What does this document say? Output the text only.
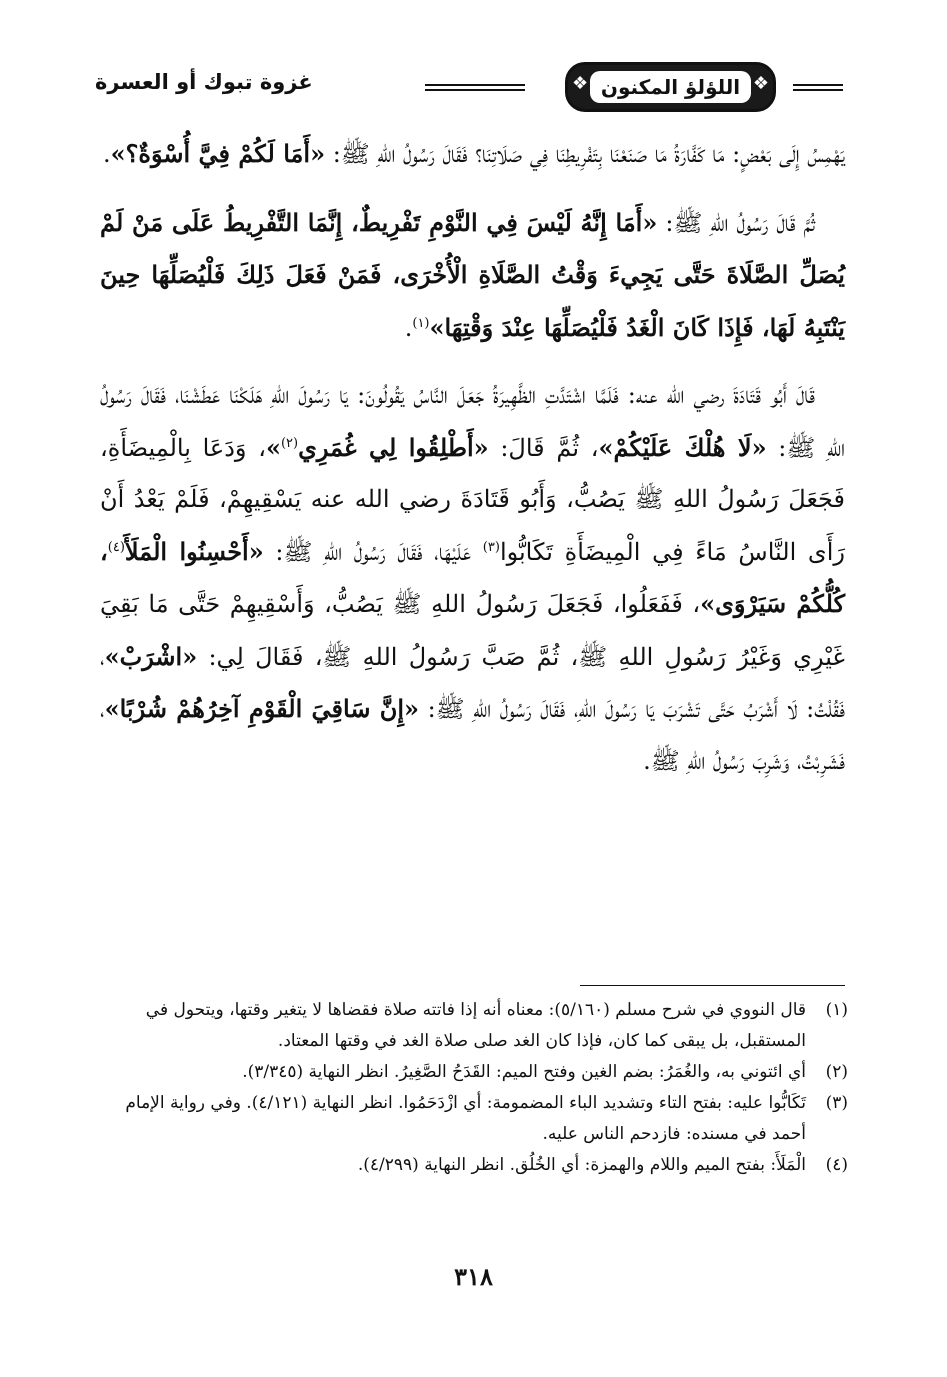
❖
❖ اللؤلؤ المكنون
غزوة تبوك أو العسرة

يَهْمِسُ إِلَى بَعْضٍ: مَا كَفَّارَةُ مَا صَنَعْنَا بِتَفْرِيطِنَا فِي صَلَاتِنَا؟ فَقَالَ رَسُولُ اللهِ ﷺ: «أَمَا لَكُمْ فِيَّ أُسْوَةٌ؟».

ثُمَّ قَالَ رَسُولُ اللهِ ﷺ: «أَمَا إِنَّهُ لَيْسَ فِي النَّوْمِ تَفْرِيطٌ، إِنَّمَا التَّفْرِيطُ عَلَى مَنْ لَمْ يُصَلِّ الصَّلَاةَ حَتَّى يَجِيءَ وَقْتُ الصَّلَاةِ الْأُخْرَى، فَمَنْ فَعَلَ ذَلِكَ فَلْيُصَلِّهَا حِينَ يَنْتَبِهُ لَهَا، فَإِذَا كَانَ الْغَدُ فَلْيُصَلِّهَا عِنْدَ وَقْتِهَا»$^{(١)}$.

قَالَ أَبُو قَتَادَةَ رضي الله عنه: فَلَمَّا اشْتَدَّتِ الظَّهِيرَةُ جَعَلَ النَّاسُ يَقُولُونَ: يَا رَسُولَ اللهِ هَلَكْنَا عَطَشْنَا، فَقَالَ رَسُولُ اللهِ ﷺ: «لَا هُلْكَ عَلَيْكُمْ»، ثُمَّ قَالَ: «أَطْلِقُوا لِي غُمَرِي$^{(٢)}$»، وَدَعَا بِالْمِيضَأَةِ، فَجَعَلَ رَسُولُ اللهِ ﷺ يَصُبُّ، وَأَبُو قَتَادَةَ رضي الله عنه يَسْقِيهِمْ، فَلَمْ يَعْدُ أَنْ رَأَى النَّاسُ مَاءً فِي الْمِيضَأَةِ تَكَابُّوا$^{(٣)}$ عَلَيْهَا، فَقَالَ رَسُولُ اللهِ ﷺ: «أَحْسِنُوا الْمَلَأَ$^{(٤)}$، كُلُّكُمْ سَيَرْوَى»، فَفَعَلُوا، فَجَعَلَ رَسُولُ اللهِ ﷺ يَصُبُّ، وَأَسْقِيهِمْ حَتَّى مَا بَقِيَ غَيْرِي وَغَيْرُ رَسُولِ اللهِ ﷺ، ثُمَّ صَبَّ رَسُولُ اللهِ ﷺ، فَقَالَ لِي: «اشْرَبْ»، فَقُلْتُ: لَا أَشْرَبُ حَتَّى تَشْرَبَ يَا رَسُولَ اللهِ، فَقَالَ رَسُولُ اللهِ ﷺ: «إِنَّ سَاقِيَ الْقَوْمِ آخِرُهُمْ شُرْبًا»، فَشَرِبْتُ، وَشَرِبَ رَسُولُ اللهِ ﷺ.

(١)
قال النووي في شرح مسلم (٥/١٦٠): معناه أنه إذا فاتته صلاة فقضاها لا يتغير وقتها، ويتحول في المستقبل، بل يبقى كما كان، فإذا كان الغد صلى صلاة الغد في وقتها المعتاد.

(٢)
أي ائتوني به، والغُمَرُ: بضم الغين وفتح الميم: القَدَحُ الصَّغِيرُ. انظر النهاية (٣/٣٤٥).

(٣)
تَكَابُّوا عليه: بفتح التاء وتشديد الباء المضمومة: أي ازْدَحَمُوا. انظر النهاية (٤/١٢١). وفي رواية الإمام أحمد في مسنده: فازدحم الناس عليه.

(٤)
الْمَلَأَ: بفتح الميم واللام والهمزة: أي الخُلُق. انظر النهاية (٤/٢٩٩).

٣١٨
